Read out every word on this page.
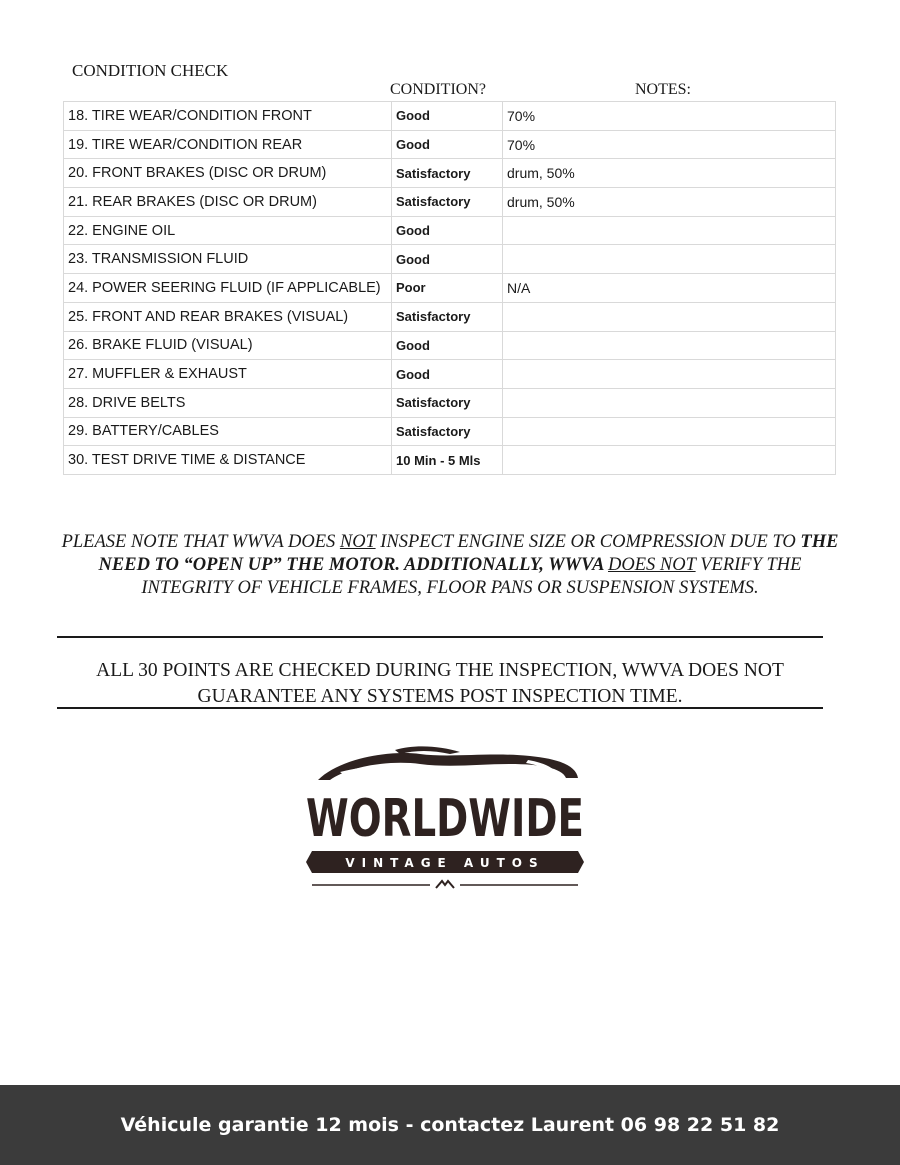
CONDITION CHECK
CONDITION?	NOTES:
18. TIRE WEAR/CONDITION FRONT	Good	70%
19. TIRE WEAR/CONDITION REAR	Good	70%
20. FRONT BRAKES (DISC OR DRUM)	Satisfactory	drum, 50%
21. REAR BRAKES (DISC OR DRUM)	Satisfactory	drum, 50%
22. ENGINE OIL	Good	
23. TRANSMISSION FLUID	Good	
24. POWER SEERING FLUID (IF APPLICABLE)	Poor	N/A
25. FRONT AND REAR BRAKES (VISUAL)	Satisfactory	
26. BRAKE FLUID (VISUAL)	Good	
27. MUFFLER & EXHAUST	Good	
28. DRIVE BELTS	Satisfactory	
29. BATTERY/CABLES	Satisfactory	
30. TEST DRIVE TIME & DISTANCE	10 Min - 5 Mls	
PLEASE NOTE THAT WWVA DOES NOT INSPECT ENGINE SIZE OR COMPRESSION DUE TO THE NEED TO “OPEN UP” THE MOTOR. ADDITIONALLY, WWVA DOES NOT VERIFY THE INTEGRITY OF VEHICLE FRAMES, FLOOR PANS OR SUSPENSION SYSTEMS.
ALL 30 POINTS ARE CHECKED DURING THE INSPECTION, WWVA DOES NOT
GUARANTEE ANY SYSTEMS POST INSPECTION TIME.
WORLDWIDE
VINTAGE AUTOS
Véhicule garantie 12 mois - contactez Laurent 06 98 22 51 82
